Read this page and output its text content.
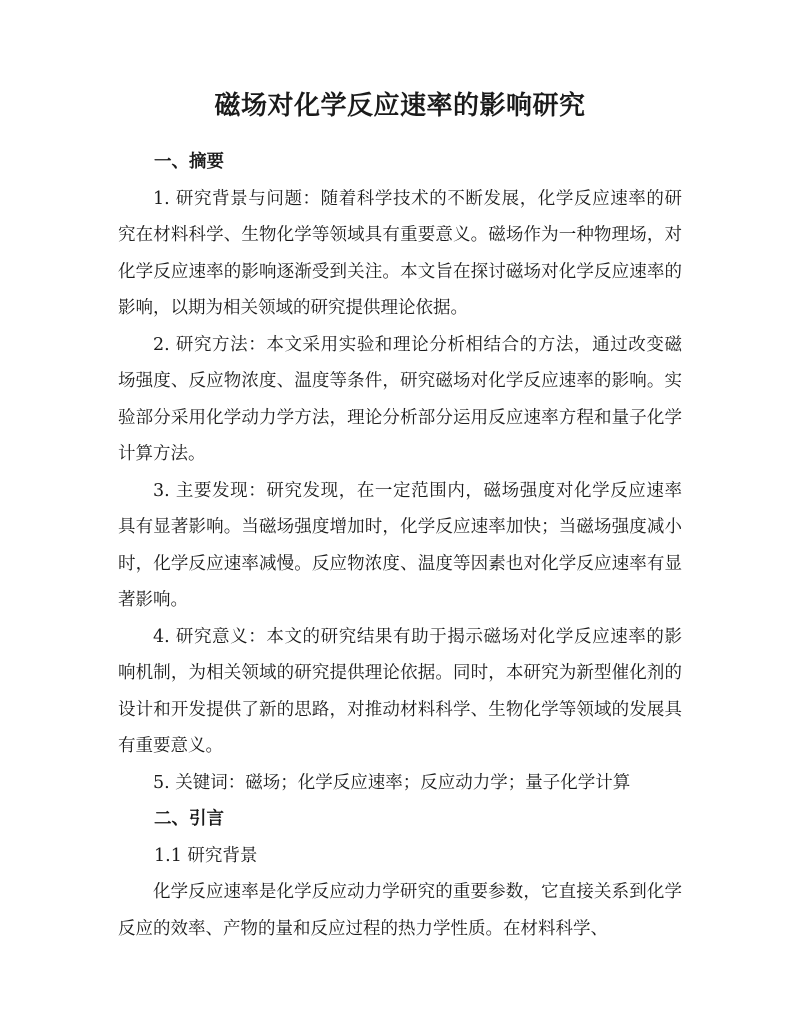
磁场对化学反应速率的影响研究
一、摘要

1. 研究背景与问题：随着科学技术的不断发展，化学反应速率的研究在材料科学、生物化学等领域具有重要意义。磁场作为一种物理场，对化学反应速率的影响逐渐受到关注。本文旨在探讨磁场对化学反应速率的影响，以期为相关领域的研究提供理论依据。

2. 研究方法：本文采用实验和理论分析相结合的方法，通过改变磁场强度、反应物浓度、温度等条件，研究磁场对化学反应速率的影响。实验部分采用化学动力学方法，理论分析部分运用反应速率方程和量子化学计算方法。

3. 主要发现：研究发现，在一定范围内，磁场强度对化学反应速率具有显著影响。当磁场强度增加时，化学反应速率加快；当磁场强度减小时，化学反应速率减慢。反应物浓度、温度等因素也对化学反应速率有显著影响。

4. 研究意义：本文的研究结果有助于揭示磁场对化学反应速率的影响机制，为相关领域的研究提供理论依据。同时，本研究为新型催化剂的设计和开发提供了新的思路，对推动材料科学、生物化学等领域的发展具有重要意义。

5. 关键词：磁场；化学反应速率；反应动力学；量子化学计算

二、引言
1.1 研究背景

化学反应速率是化学反应动力学研究的重要参数，它直接关系到化学反应的效率、产物的量和反应过程的热力学性质。在材料科学、
